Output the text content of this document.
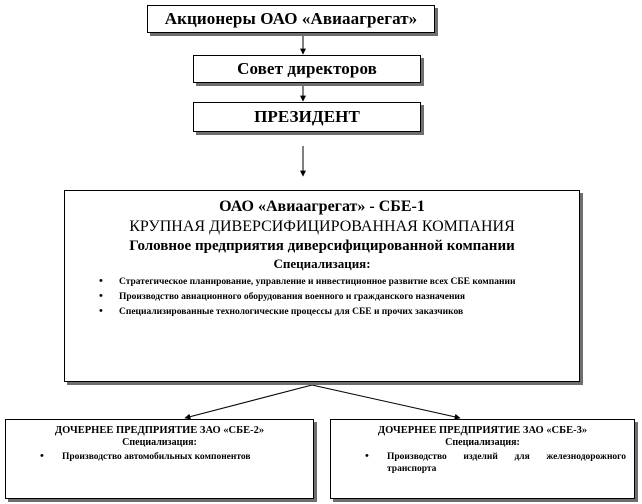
Акционеры ОАО «Авиаагрегат»
Совет директоров
ПРЕЗИДЕНТ
ОАО «Авиаагрегат» - СБЕ-1
КРУПНАЯ ДИВЕРСИФИЦИРОВАННАЯ КОМПАНИЯ
Головное предприятия диверсифицированной компании
Специализация:
• Стратегическое планирование, управление и инвестиционное развитие всех СБЕ компании
• Производство авиационного оборудования военного и гражданского назначения
• Специализированные технологические процессы для СБЕ и прочих заказчиков
ДОЧЕРНЕЕ ПРЕДПРИЯТИЕ ЗАО «СБЕ-2»
Специализация:
• Производство автомобильных компонентов
ДОЧЕРНЕЕ ПРЕДПРИЯТИЕ ЗАО «СБЕ-3»
Специализация:
• Производство изделий для железнодорожного транспорта
